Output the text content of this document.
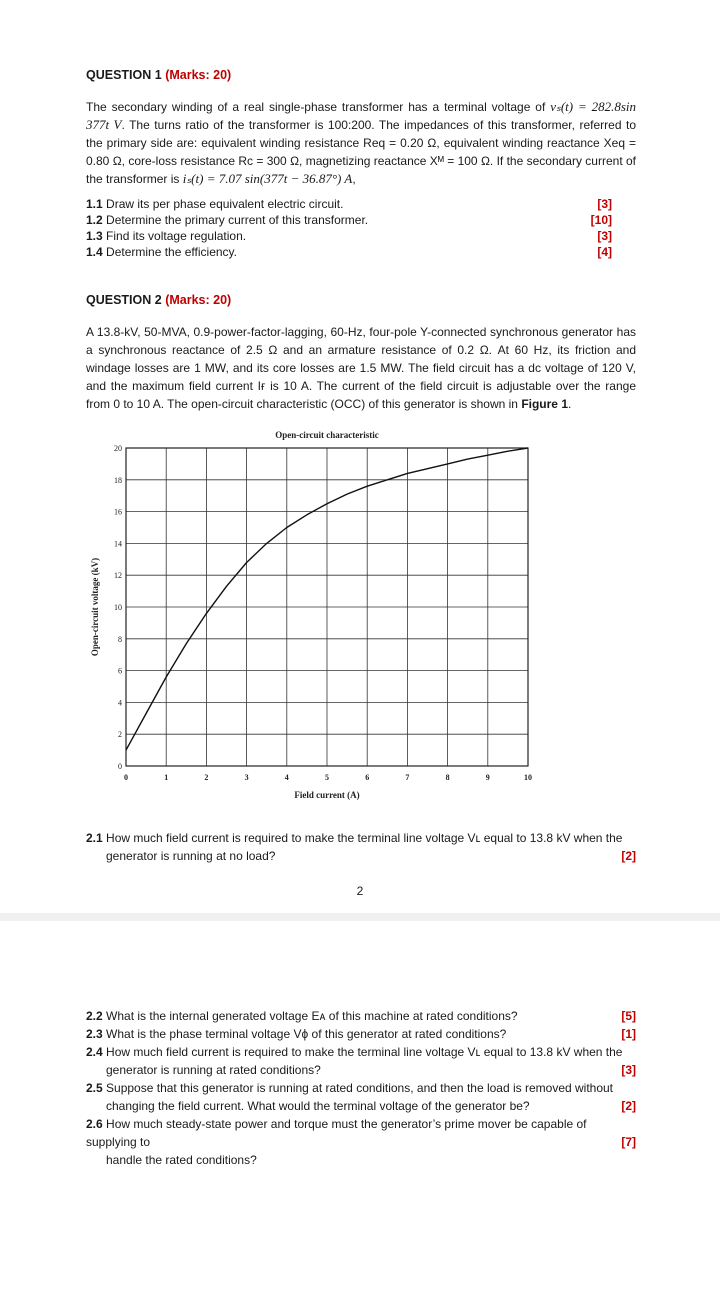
QUESTION 1 (Marks: 20)
The secondary winding of a real single-phase transformer has a terminal voltage of vₛ(t) = 282.8sin 377t V. The turns ratio of the transformer is 100:200. The impedances of this transformer, referred to the primary side are: equivalent winding resistance Req = 0.20 Ω, equivalent winding reactance Xeq = 0.80 Ω, core-loss resistance Rᴄ = 300 Ω, magnetizing reactance Xᴹ = 100 Ω. If the secondary current of the transformer is iₛ(t) = 7.07 sin(377t − 36.87°) A,
1.1 Draw its per phase equivalent electric circuit.	[3]
1.2 Determine the primary current of this transformer.	[10]
1.3 Find its voltage regulation.	[3]
1.4 Determine the efficiency.	[4]
QUESTION 2 (Marks: 20)
A 13.8-kV, 50-MVA, 0.9-power-factor-lagging, 60-Hz, four-pole Y-connected synchronous generator has a synchronous reactance of 2.5 Ω and an armature resistance of 0.2 Ω. At 60 Hz, its friction and windage losses are 1 MW, and its core losses are 1.5 MW. The field circuit has a dc voltage of 120 V, and the maximum field current Iғ is 10 A. The current of the field circuit is adjustable over the range from 0 to 10 A. The open-circuit characteristic (OCC) of this generator is shown in Figure 1.
0	1	2	3	4	5	6	7	8	9	10
0
2
4
6
8
10
12
14
16
18
20
Open-circuit characteristic
Field current (A)
Open-circuit voltage (kV)
2.1 How much field current is required to make the terminal line voltage Vʟ equal to 13.8 kV when the
generator is running at no load?	[2]
2
2.2 What is the internal generated voltage Eᴀ of this machine at rated conditions?	[5]
2.3 What is the phase terminal voltage Vϕ of this generator at rated conditions?	[1]
2.4 How much field current is required to make the terminal line voltage Vʟ equal to 13.8 kV when the
generator is running at rated conditions?	[3]
2.5 Suppose that this generator is running at rated conditions, and then the load is removed without
changing the field current. What would the terminal voltage of the generator be?	[2]
2.6 How much steady-state power and torque must the generator’s prime mover be capable of supplying to
handle the rated conditions?
[7]
